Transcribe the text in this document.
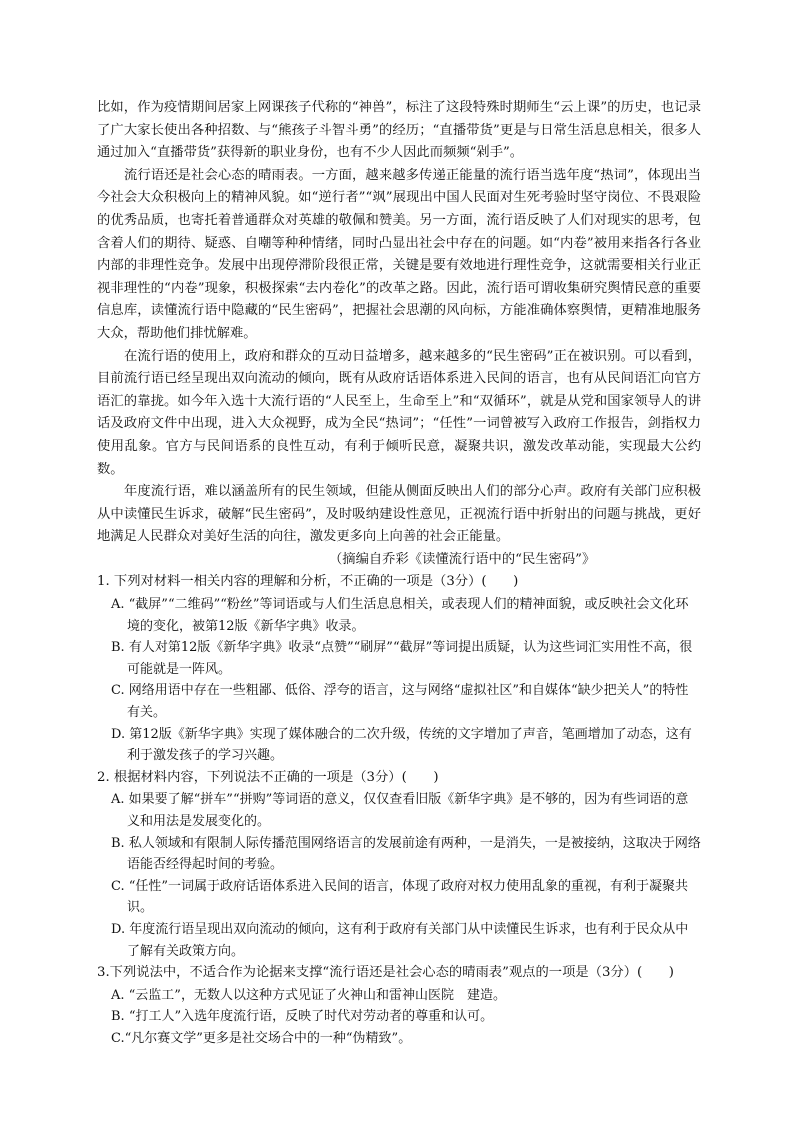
比如，作为疫情期间居家上网课孩子代称的“神兽”，标注了这段特殊时期师生“云上课”的历史，也记录了广大家长使出各种招数、与“熊孩子斗智斗勇”的经历；“直播带货”更是与日常生活息息相关，很多人通过加入“直播带货”获得新的职业身份，也有不少人因此而频频“剁手”。

流行语还是社会心态的晴雨表。一方面，越来越多传递正能量的流行语当选年度“热词”，体现出当今社会大众积极向上的精神风貌。如“逆行者”“飒”展现出中国人民面对生死考验时坚守岗位、不畏艰险的优秀品质，也寄托着普通群众对英雄的敬佩和赞美。另一方面，流行语反映了人们对现实的思考，包含着人们的期待、疑惑、自嘲等种种情绪，同时凸显出社会中存在的问题。如“内卷”被用来指各行各业内部的非理性竞争。发展中出现停滞阶段很正常，关键是要有效地进行理性竞争，这就需要相关行业正视非理性的“内卷”现象，积极探索“去内卷化”的改革之路。因此，流行语可谓收集研究舆情民意的重要信息库，读懂流行语中隐藏的“民生密码”，把握社会思潮的风向标，方能准确体察舆情，更精准地服务大众，帮助他们排忧解难。

在流行语的使用上，政府和群众的互动日益增多，越来越多的“民生密码”正在被识别。可以看到，目前流行语已经呈现出双向流动的倾向，既有从政府话语体系进入民间的语言，也有从民间语汇向官方语汇的靠拢。如今年入选十大流行语的“人民至上，生命至上”和“双循环”，就是从党和国家领导人的讲话及政府文件中出现，进入大众视野，成为全民“热词”；“任性”一词曾被写入政府工作报告，剑指权力使用乱象。官方与民间语系的良性互动，有利于倾听民意，凝聚共识，激发改革动能，实现最大公约数。

年度流行语，难以涵盖所有的民生领域，但能从侧面反映出人们的部分心声。政府有关部门应积极从中读懂民生诉求，破解“民生密码”，及时吸纳建设性意见，正视流行语中折射出的问题与挑战，更好地满足人民群众对美好生活的向往，激发更多向上向善的社会正能量。

（摘编自乔彩《读懂流行语中的“民生密码”》

1. 下列对材料一相关内容的理解和分析，不正确的一项是（3分）(　　)

A. “截屏”“二维码”“粉丝”等词语或与人们生活息息相关，或表现人们的精神面貌，或反映社会文化环境的变化，被第12版《新华字典》收录。

B. 有人对第12版《新华字典》收录“点赞”“刷屏”“截屏”等词提出质疑，认为这些词汇实用性不高，很可能就是一阵风。

C. 网络用语中存在一些粗鄙、低俗、浮夸的语言，这与网络“虚拟社区”和自媒体“缺少把关人”的特性有关。

D. 第12版《新华字典》实现了媒体融合的二次升级，传统的文字增加了声音，笔画增加了动态，这有利于激发孩子的学习兴趣。

2. 根据材料内容，下列说法不正确的一项是（3分）(　　)

A. 如果要了解“拼车”“拼购”等词语的意义，仅仅查看旧版《新华字典》是不够的，因为有些词语的意义和用法是发展变化的。

B. 私人领域和有限制人际传播范围网络语言的发展前途有两种，一是消失，一是被接纳，这取决于网络语能否经得起时间的考验。

C. “任性”一词属于政府话语体系进入民间的语言，体现了政府对权力使用乱象的重视，有利于凝聚共识。

D. 年度流行语呈现出双向流动的倾向，这有利于政府有关部门从中读懂民生诉求，也有利于民众从中了解有关政策方向。

3.下列说法中，不适合作为论据来支撑“流行语还是社会心态的晴雨表”观点的一项是（3分）(　　)

A. “云监工”，无数人以这种方式见证了火神山和雷神山医院　建造。

B. “打工人”入选年度流行语，反映了时代对劳动者的尊重和认可。

C.“凡尔赛文学”更多是社交场合中的一种“伪精致”。
